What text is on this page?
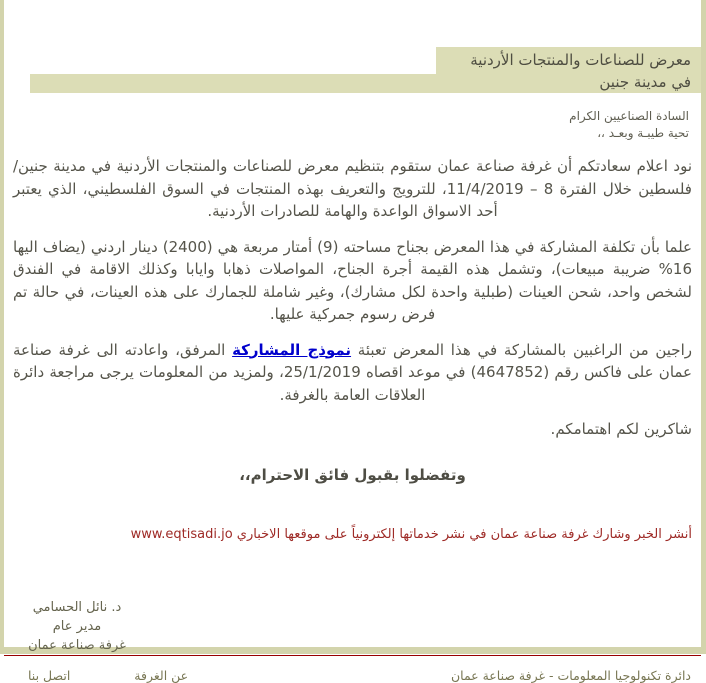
معرض للصناعات والمنتجات الأردنية
في مدينة جنين
السادة الصناعيين الكرام
تحية طيبـة وبعـد ،،

نود اعلام سعادتكم أن غرفة صناعة عمان ستقوم بتنظيم معرض للصناعات والمنتجات الأردنية في مدينة جنين/ فلسطين خلال الفترة 8 – 11/4/2019، للترويج والتعريف بهذه المنتجات في السوق الفلسطيني، الذي يعتبر أحد الاسواق الواعدة والهامة للصادرات الأردنية.

علما بأن تكلفة المشاركة في هذا المعرض بجناح مساحته (9) أمتار مربعة هي (2400) دينار اردني (يضاف اليها 16% ضريبة مبيعات)، وتشمل هذه القيمة أجرة الجناح، المواصلات ذهابا وايابا وكذلك الاقامة في الفندق لشخص واحد، شحن العينات (طبلية واحدة لكل مشارك)، وغير شاملة للجمارك على هذه العينات، في حالة تم فرض رسوم جمركية عليها.

راجين من الراغبين بالمشاركة في هذا المعرض تعبئة نموذج المشاركة المرفق، واعادته الى غرفة صناعة عمان على فاكس رقم (4647852) في موعد اقصاه 25/1/2019، ولمزيد من المعلومات يرجى مراجعة دائرة العلاقات العامة بالغرفة.

شاكرين لكم اهتمامكم.

وتفضلوا بقبول فائق الاحترام،،

أنشر الخبر وشارك غرفة صناعة عمان في نشر خدماتها إلكترونياً على موقعها الاخباري www.eqtisadi.jo

د. نائل الحسامي
مدير عام
غرفة صناعة عمان
دائرة تكنولوجيا المعلومات - غرفة صناعة عمان
عن الغرفة
اتصل بنا
